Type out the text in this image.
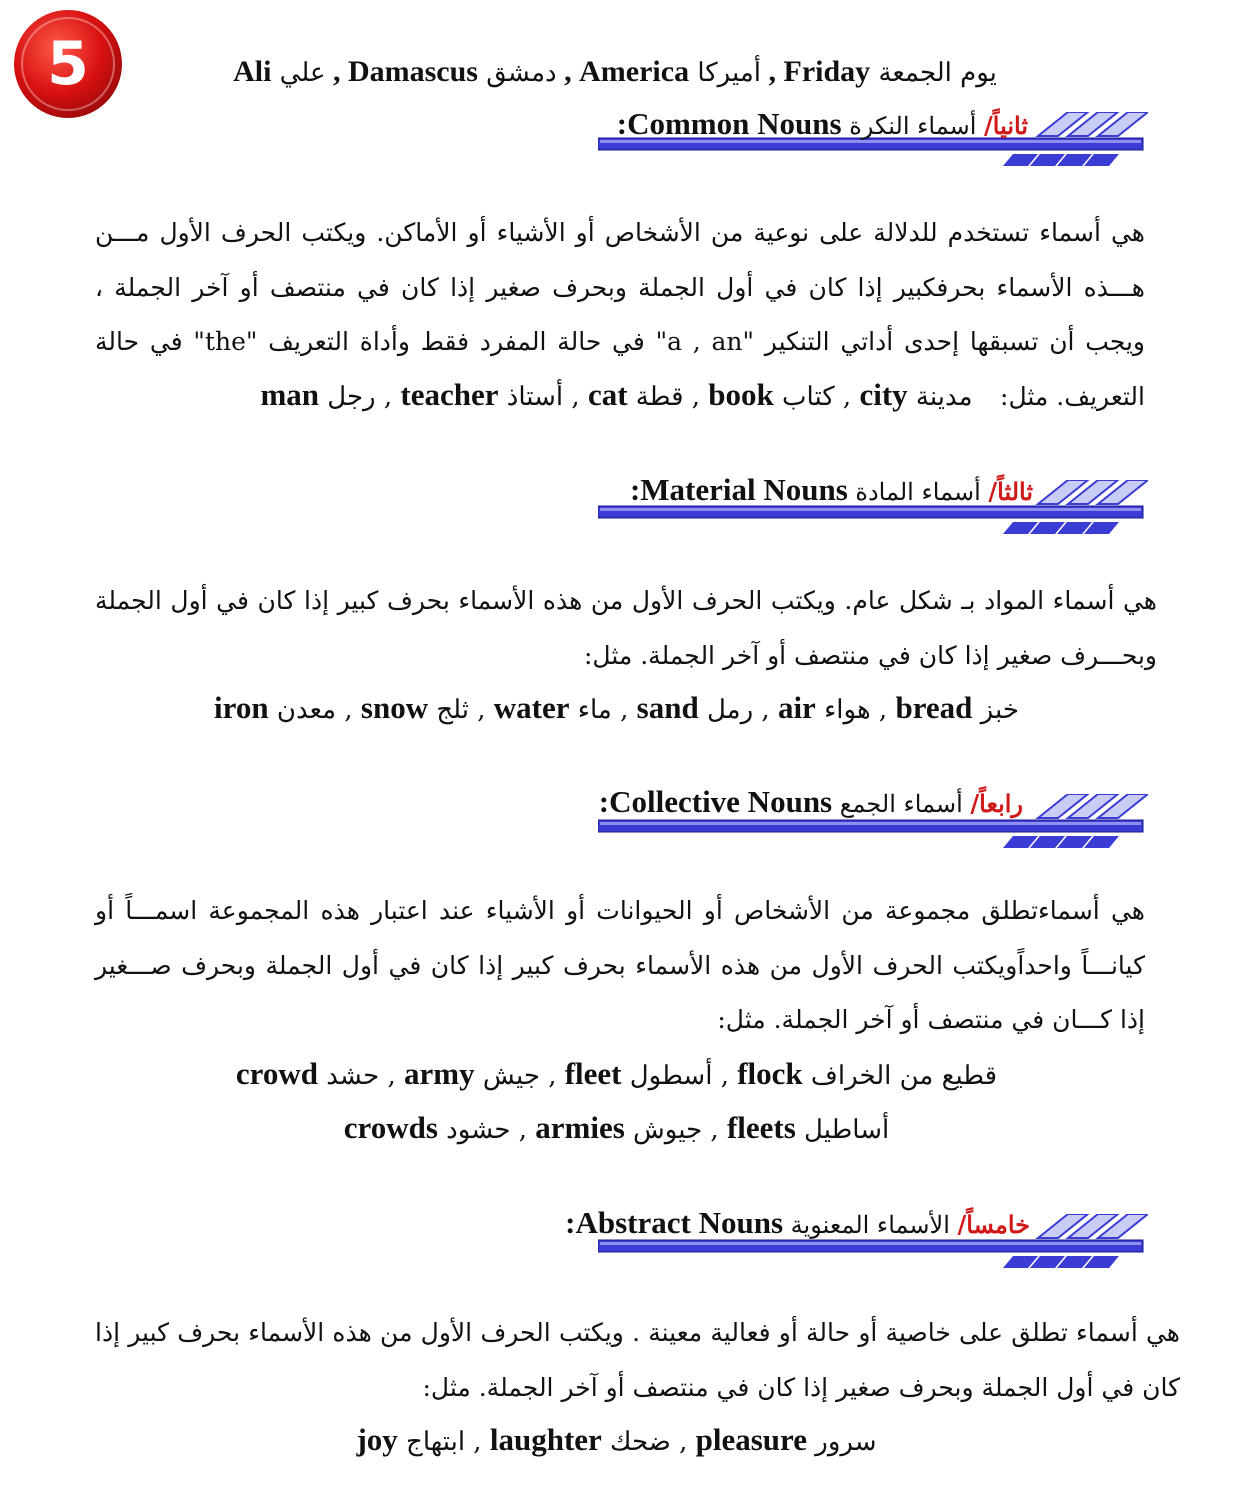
5	يوم الجمعة Friday , أمیركا America , دمشق Damascus , علي Ali
ثانیاً/ أسماء النكرة Common Nouns:
هي أسماء تستخدم للدلالة على نوعیة من الأشخاص أو الأشیاء أو الأماكن. ویكتب الحرف الأول مـــن هـــذه الأسماء بحرفكبیر إذا كان في أول الجملة وبحرف صغیر إذا كان في منتصف أو آخر الجملة ، ویجب أن تسبقها إحدى أداتي التنكیر "a , an" في حالة المفرد فقط وأداة التعریف "the" في حالة التعریف. مثل:
مدینة city , كتاب book , قطة cat , أستاذ teacher , رجل man
ثالثاً/ أسماء المادة Material Nouns:
هي أسماء المواد بـ شكل عام. ویكتب الحرف الأول من هذه الأسماء بحرف كبیر إذا كان في أول الجملة وبحـــرف صغیر إذا كان في منتصف أو آخر الجملة. مثل:
خبز bread , هواء air , رمل sand , ماء water , ثلج snow , معدن iron
رابعاً/ أسماء الجمع Collective Nouns:
هي أسماءتطلق مجموعة من الأشخاص أو الحیوانات أو الأشیاء عند اعتبار هذه المجموعة اسمـــاً أو كیانـــاً واحداًویكتب الحرف الأول من هذه الأسماء بحرف كبیر إذا كان في أول الجملة وبحرف صـــغیر إذا كـــان في منتصف أو آخر الجملة. مثل:
قطیع من الخراف flock , أسطول fleet , جیش army , حشد crowd
أساطیل fleets , جیوش armies , حشود crowds
خامساً/ الأسماء المعنویة Abstract Nouns:
هي أسماء تطلق على خاصیة أو حالة أو فعالیة معینة . ویكتب الحرف الأول من هذه الأسماء بحرف كبیر إذا كان في أول الجملة وبحرف صغیر إذا كان في منتصف أو آخر الجملة. مثل:
سرور pleasure , ضحك laughter , ابتهاج joy
